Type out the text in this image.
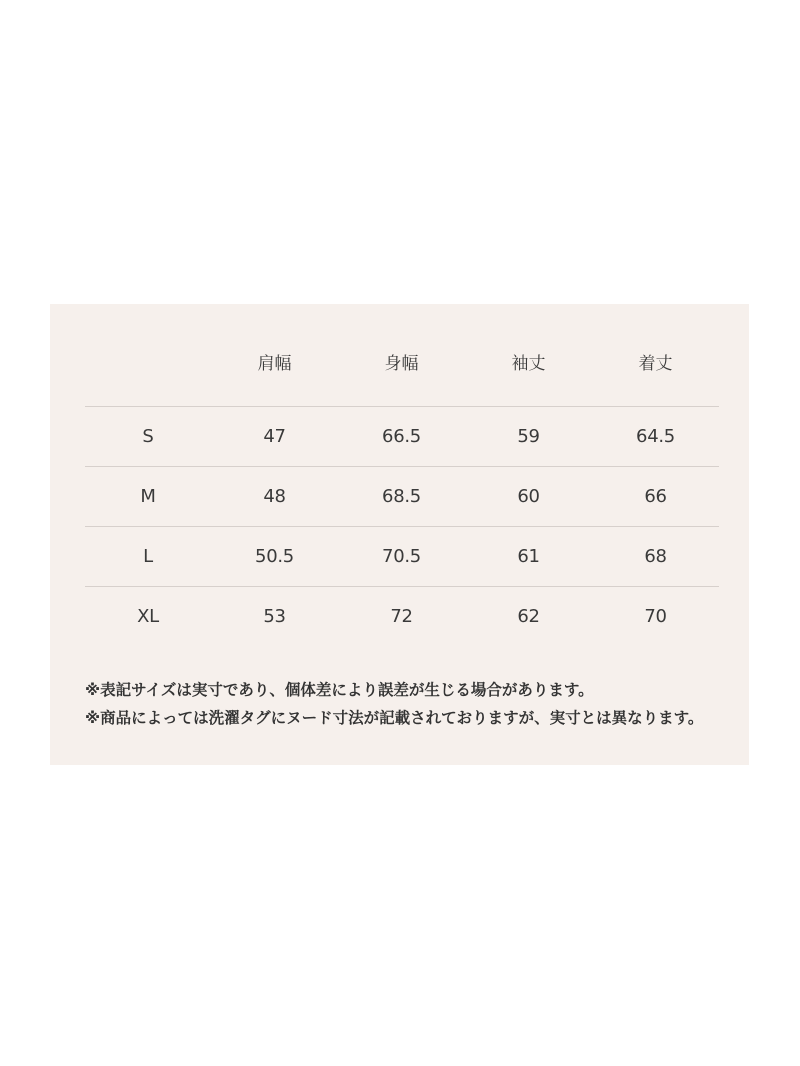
	肩幅	身幅	袖丈	着丈
S	47	66.5	59	64.5
M	48	68.5	60	66
L	50.5	70.5	61	68
XL	53	72	62	70

※表記サイズは実寸であり、個体差により誤差が生じる場合があります。

※商品によっては洗濯タグにヌード寸法が記載されておりますが、実寸とは異なります。
